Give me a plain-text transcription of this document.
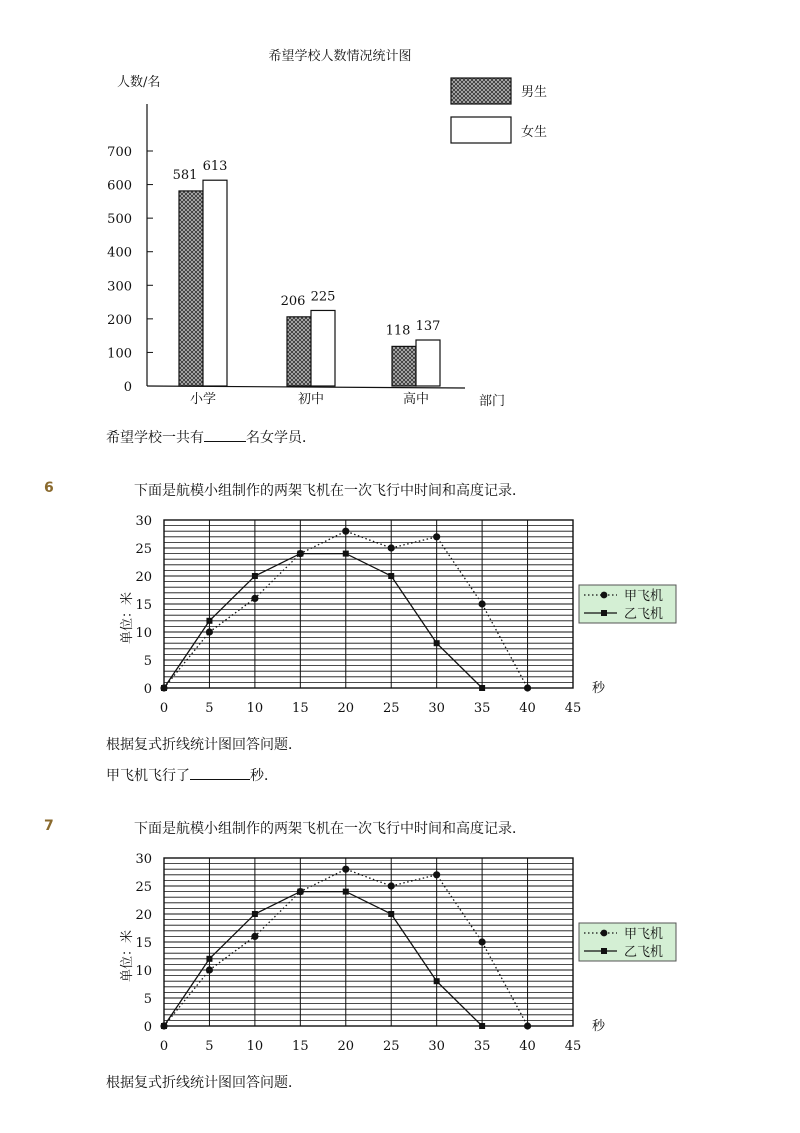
希望学校人数情况统计图
人数/名
0
100
200
300
400
500
600
700
581
613
小学
206 225
初中
118 137
高中	部门
男生
女生
希望学校一共有	名女学员．
6	下面是航模小组制作的两架飞机在一次飞行中时间和高度记录．
0
5
10
15
20
25
30
0	5	10 15 20 25 30 35 40 45
秒
单位：米	甲飞机
乙飞机
根据复式折线统计图回答问题．
甲飞机飞行了	秒．
7	下面是航模小组制作的两架飞机在一次飞行中时间和高度记录．
0
5
10
15
20
25
30
0	5	10 15 20 25 30 35 40 45
秒
单位：米	甲飞机
乙飞机
根据复式折线统计图回答问题．
